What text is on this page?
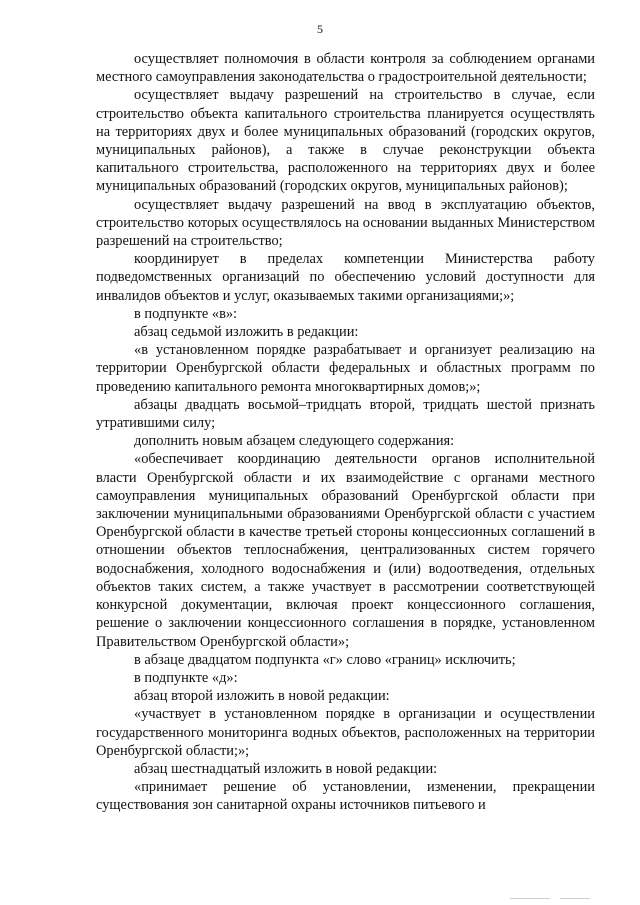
5

осуществляет полномочия в области контроля за соблюдением органами местного самоуправления законодательства о градостроительной деятельности;

осуществляет выдачу разрешений на строительство в случае, если строительство объекта капитального строительства планируется осуществлять на территориях двух и более муниципальных образований (городских округов, муниципальных районов), а также в случае реконструкции объекта капитального строительства, расположенного на территориях двух и более муниципальных образований (городских округов, муниципальных районов);

осуществляет выдачу разрешений на ввод в эксплуатацию объектов, строительство которых осуществлялось на основании выданных Министерством разрешений на строительство;

координирует в пределах компетенции Министерства работу подведомственных организаций по обеспечению условий доступности для инвалидов объектов и услуг, оказываемых такими организациями;»;

в подпункте «в»:

абзац седьмой изложить в редакции:

«в установленном порядке разрабатывает и организует реализацию на территории Оренбургской области федеральных и областных программ по проведению капитального ремонта многоквартирных домов;»;

абзацы двадцать восьмой–тридцать второй, тридцать шестой признать утратившими силу;

дополнить новым абзацем следующего содержания:

«обеспечивает координацию деятельности органов исполнительной власти Оренбургской области и их взаимодействие с органами местного самоуправления муниципальных образований Оренбургской области при заключении муниципальными образованиями Оренбургской области с участием Оренбургской области в качестве третьей стороны концессионных соглашений в отношении объектов теплоснабжения, централизованных систем горячего водоснабжения, холодного водоснабжения и (или) водоотведения, отдельных объектов таких систем, а также участвует в рассмотрении соответствующей конкурсной документации, включая проект концессионного соглашения, решение о заключении концессионного соглашения в порядке, установленном Правительством Оренбургской области»;

в абзаце двадцатом подпункта «г» слово «границ» исключить;

в подпункте «д»:

абзац второй изложить в новой редакции:

«участвует в установленном порядке в организации и осуществлении государственного мониторинга водных объектов, расположенных на территории Оренбургской области;»;

абзац шестнадцатый изложить в новой редакции:

«принимает решение об установлении, изменении, прекращении существования зон санитарной охраны источников питьевого и
